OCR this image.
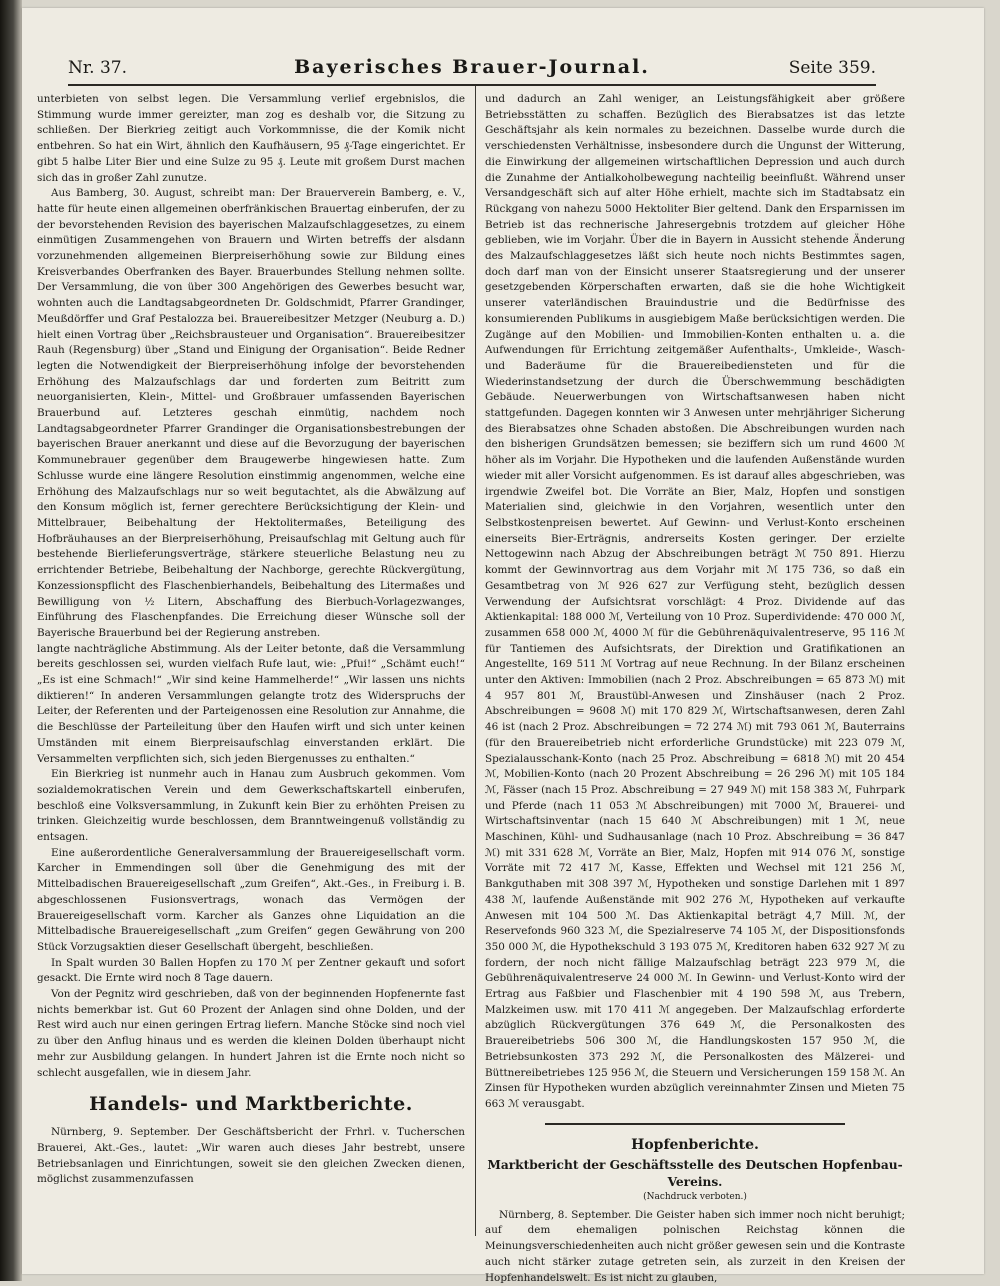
Nr. 37.	Bayerisches Brauer-Journal.	Seite 359.

unterbieten von selbst legen. Die Versammlung verlief ergebnislos, die Stimmung wurde immer gereizter, man zog es deshalb vor, die Sitzung zu schließen. Der Bierkrieg zeitigt auch Vorkommnisse, die der Komik nicht entbehren. So hat ein Wirt, ähnlich den Kaufhäusern, 95 ₰-Tage eingerichtet. Er gibt 5 halbe Liter Bier und eine Sulze zu 95 ₰. Leute mit großem Durst machen sich das in großer Zahl zunutze.

Aus Bamberg, 30. August, schreibt man: Der Brauerverein Bamberg, e. V., hatte für heute einen allgemeinen oberfränkischen Brauertag einberufen, der zu der bevorstehenden Revision des bayerischen Malzaufschlaggesetzes, zu einem einmütigen Zusammengehen von Brauern und Wirten betreffs der alsdann vorzunehmenden allgemeinen Bierpreiserhöhung sowie zur Bildung eines Kreisverbandes Oberfranken des Bayer. Brauerbundes Stellung nehmen sollte. Der Versammlung, die von über 300 Angehörigen des Gewerbes besucht war, wohnten auch die Landtagsabgeordneten Dr. Goldschmidt, Pfarrer Grandinger, Meußdörffer und Graf Pestalozza bei. Brauereibesitzer Metzger (Neuburg a. D.) hielt einen Vortrag über „Reichsbrausteuer und Organisation“. Brauereibesitzer Rauh (Regensburg) über „Stand und Einigung der Organisation“. Beide Redner legten die Notwendigkeit der Bierpreiserhöhung infolge der bevorstehenden Erhöhung des Malzaufschlags dar und forderten zum Beitritt zum neuorganisierten, Klein-, Mittel- und Großbrauer umfassenden Bayerischen Brauerbund auf. Letzteres geschah einmütig, nachdem noch Landtagsabgeordneter Pfarrer Grandinger die Organisationsbestrebungen der bayerischen Brauer anerkannt und diese auf die Bevorzugung der bayerischen Kommunebrauer gegenüber dem Braugewerbe hingewiesen hatte. Zum Schlusse wurde eine längere Resolution einstimmig angenommen, welche eine Erhöhung des Malzaufschlags nur so weit begutachtet, als die Abwälzung auf den Konsum möglich ist, ferner gerechtere Berücksichtigung der Klein- und Mittelbrauer, Beibehaltung der Hektolitermaßes, Beteiligung des Hofbräuhauses an der Bierpreiserhöhung, Preisaufschlag mit Geltung auch für bestehende Bierlieferungsverträge, stärkere steuerliche Belastung neu zu errichtender Betriebe, Beibehaltung der Nachborge, gerechte Rückvergütung, Konzessionspflicht des Flaschenbierhandels, Beibehaltung des Litermaßes und Bewilligung von ½ Litern, Abschaffung des Bierbuch-Vorlagezwanges, Einführung des Flaschenpfandes. Die Erreichung dieser Wünsche soll der Bayerische Brauerbund bei der Regierung anstreben.

langte nachträgliche Abstimmung. Als der Leiter betonte, daß die Versammlung bereits geschlossen sei, wurden vielfach Rufe laut, wie: „Pfui!“ „Schämt euch!“ „Es ist eine Schmach!“ „Wir sind keine Hammelherde!“ „Wir lassen uns nichts diktieren!“ In anderen Versammlungen gelangte trotz des Widerspruchs der Leiter, der Referenten und der Parteigenossen eine Resolution zur Annahme, die die Beschlüsse der Parteileitung über den Haufen wirft und sich unter keinen Umständen mit einem Bierpreisaufschlag einverstanden erklärt. Die Versammelten verpflichten sich, sich jeden Biergenusses zu enthalten.“

Ein Bierkrieg ist nunmehr auch in Hanau zum Ausbruch gekommen. Vom sozialdemokratischen Verein und dem Gewerkschaftskartell einberufen, beschloß eine Volksversammlung, in Zukunft kein Bier zu erhöhten Preisen zu trinken. Gleichzeitig wurde beschlossen, dem Branntweingenuß vollständig zu entsagen.

Eine außerordentliche Generalversammlung der Brauereigesellschaft vorm. Karcher in Emmendingen soll über die Genehmigung des mit der Mittelbadischen Brauereigesellschaft „zum Greifen“, Akt.-Ges., in Freiburg i. B. abgeschlossenen Fusionsvertrags, wonach das Vermögen der Brauereigesellschaft vorm. Karcher als Ganzes ohne Liquidation an die Mittelbadische Brauereigesellschaft „zum Greifen“ gegen Gewährung von 200 Stück Vorzugsaktien dieser Gesellschaft übergeht, beschließen.

In Spalt wurden 30 Ballen Hopfen zu 170 ℳ per Zentner gekauft und sofort gesackt. Die Ernte wird noch 8 Tage dauern.

Von der Pegnitz wird geschrieben, daß von der beginnenden Hopfenernte fast nichts bemerkbar ist. Gut 60 Prozent der Anlagen sind ohne Dolden, und der Rest wird auch nur einen geringen Ertrag liefern. Manche Stöcke sind noch viel zu über den Anflug hinaus und es werden die kleinen Dolden überhaupt nicht mehr zur Ausbildung gelangen. In hundert Jahren ist die Ernte noch nicht so schlecht ausgefallen, wie in diesem Jahr.

Handels- und Marktberichte.

Nürnberg, 9. September. Der Geschäftsbericht der Frhrl. v. Tucherschen Brauerei, Akt.-Ges., lautet: „Wir waren auch dieses Jahr bestrebt, unsere Betriebsanlagen und Einrichtungen, soweit sie den gleichen Zwecken dienen, möglichst zusammenzufassen

und dadurch an Zahl weniger, an Leistungsfähigkeit aber größere Betriebsstätten zu schaffen. Bezüglich des Bierabsatzes ist das letzte Geschäftsjahr als kein normales zu bezeichnen. Dasselbe wurde durch die verschiedensten Verhältnisse, insbesondere durch die Ungunst der Witterung, die Einwirkung der allgemeinen wirtschaftlichen Depression und auch durch die Zunahme der Antialkoholbewegung nachteilig beeinflußt. Während unser Versandgeschäft sich auf alter Höhe erhielt, machte sich im Stadtabsatz ein Rückgang von nahezu 5000 Hektoliter Bier geltend. Dank den Ersparnissen im Betrieb ist das rechnerische Jahresergebnis trotzdem auf gleicher Höhe geblieben, wie im Vorjahr. Über die in Bayern in Aussicht stehende Änderung des Malzaufschlaggesetzes läßt sich heute noch nichts Bestimmtes sagen, doch darf man von der Einsicht unserer Staatsregierung und der unserer gesetzgebenden Körperschaften erwarten, daß sie die hohe Wichtigkeit unserer vaterländischen Brauindustrie und die Bedürfnisse des konsumierenden Publikums in ausgiebigem Maße berücksichtigen werden. Die Zugänge auf den Mobilien- und Immobilien-Konten enthalten u. a. die Aufwendungen für Errichtung zeitgemäßer Aufenthalts-, Umkleide-, Wasch- und Baderäume für die Brauereibediensteten und für die Wiederinstandsetzung der durch die Überschwemmung beschädigten Gebäude. Neuerwerbungen von Wirtschaftsanwesen haben nicht stattgefunden. Dagegen konnten wir 3 Anwesen unter mehrjähriger Sicherung des Bierabsatzes ohne Schaden abstoßen. Die Abschreibungen wurden nach den bisherigen Grundsätzen bemessen; sie beziffern sich um rund 4600 ℳ höher als im Vorjahr. Die Hypotheken und die laufenden Außenstände wurden wieder mit aller Vorsicht aufgenommen. Es ist darauf alles abgeschrieben, was irgendwie Zweifel bot. Die Vorräte an Bier, Malz, Hopfen und sonstigen Materialien sind, gleichwie in den Vorjahren, wesentlich unter den Selbstkostenpreisen bewertet. Auf Gewinn- und Verlust-Konto erscheinen einerseits Bier-Erträgnis, andrerseits Kosten geringer. Der erzielte Nettogewinn nach Abzug der Abschreibungen beträgt ℳ 750 891. Hierzu kommt der Gewinnvortrag aus dem Vorjahr mit ℳ 175 736, so daß ein Gesamtbetrag von ℳ 926 627 zur Verfügung steht, bezüglich dessen Verwendung der Aufsichtsrat vorschlägt: 4 Proz. Dividende auf das Aktienkapital: 188 000 ℳ, Verteilung von 10 Proz. Superdividende: 470 000 ℳ, zusammen 658 000 ℳ, 4000 ℳ für die Gebührenäquivalentreserve, 95 116 ℳ für Tantiemen des Aufsichtsrats, der Direktion und Gratifikationen an Angestellte, 169 511 ℳ Vortrag auf neue Rechnung. In der Bilanz erscheinen unter den Aktiven: Immobilien (nach 2 Proz. Abschreibungen = 65 873 ℳ) mit 4 957 801 ℳ, Braustübl-Anwesen und Zinshäuser (nach 2 Proz. Abschreibungen = 9608 ℳ) mit 170 829 ℳ, Wirtschaftsanwesen, deren Zahl 46 ist (nach 2 Proz. Abschreibungen = 72 274 ℳ) mit 793 061 ℳ, Bauterrains (für den Brauereibetrieb nicht erforderliche Grundstücke) mit 223 079 ℳ, Spezialausschank-Konto (nach 25 Proz. Abschreibung = 6818 ℳ) mit 20 454 ℳ, Mobilien-Konto (nach 20 Prozent Abschreibung = 26 296 ℳ) mit 105 184 ℳ, Fässer (nach 15 Proz. Abschreibung = 27 949 ℳ) mit 158 383 ℳ, Fuhrpark und Pferde (nach 11 053 ℳ Abschreibungen) mit 7000 ℳ, Brauerei- und Wirtschaftsinventar (nach 15 640 ℳ Abschreibungen) mit 1 ℳ, neue Maschinen, Kühl- und Sudhausanlage (nach 10 Proz. Abschreibung = 36 847 ℳ) mit 331 628 ℳ, Vorräte an Bier, Malz, Hopfen mit 914 076 ℳ, sonstige Vorräte mit 72 417 ℳ, Kasse, Effekten und Wechsel mit 121 256 ℳ, Bankguthaben mit 308 397 ℳ, Hypotheken und sonstige Darlehen mit 1 897 438 ℳ, laufende Außenstände mit 902 276 ℳ, Hypotheken auf verkaufte Anwesen mit 104 500 ℳ. Das Aktienkapital beträgt 4,7 Mill. ℳ, der Reservefonds 960 323 ℳ, die Spezialreserve 74 105 ℳ, der Dispositionsfonds 350 000 ℳ, die Hypothekschuld 3 193 075 ℳ, Kreditoren haben 632 927 ℳ zu fordern, der noch nicht fällige Malzaufschlag beträgt 223 979 ℳ, die Gebührenäquivalentreserve 24 000 ℳ. In Gewinn- und Verlust-Konto wird der Ertrag aus Faßbier und Flaschenbier mit 4 190 598 ℳ, aus Trebern, Malzkeimen usw. mit 170 411 ℳ angegeben. Der Malzaufschlag erforderte abzüglich Rückvergütungen 376 649 ℳ, die Personalkosten des Brauereibetriebs 506 300 ℳ, die Handlungskosten 157 950 ℳ, die Betriebsunkosten 373 292 ℳ, die Personalkosten des Mälzerei- und Büttnereibetriebes 125 956 ℳ, die Steuern und Versicherungen 159 158 ℳ. An Zinsen für Hypotheken wurden abzüglich vereinnahmter Zinsen und Mieten 75 663 ℳ verausgabt.

Hopfenberichte.
Marktbericht der Geschäftsstelle des Deutschen Hopfenbau-Vereins.
(Nachdruck verboten.)

Nürnberg, 8. September. Die Geister haben sich immer noch nicht beruhigt; auf dem ehemaligen polnischen Reichstag können die Meinungsverschiedenheiten auch nicht größer gewesen sein und die Kontraste auch nicht stärker zutage getreten sein, als zurzeit in den Kreisen der Hopfenhandelswelt. Es ist nicht zu glauben,
